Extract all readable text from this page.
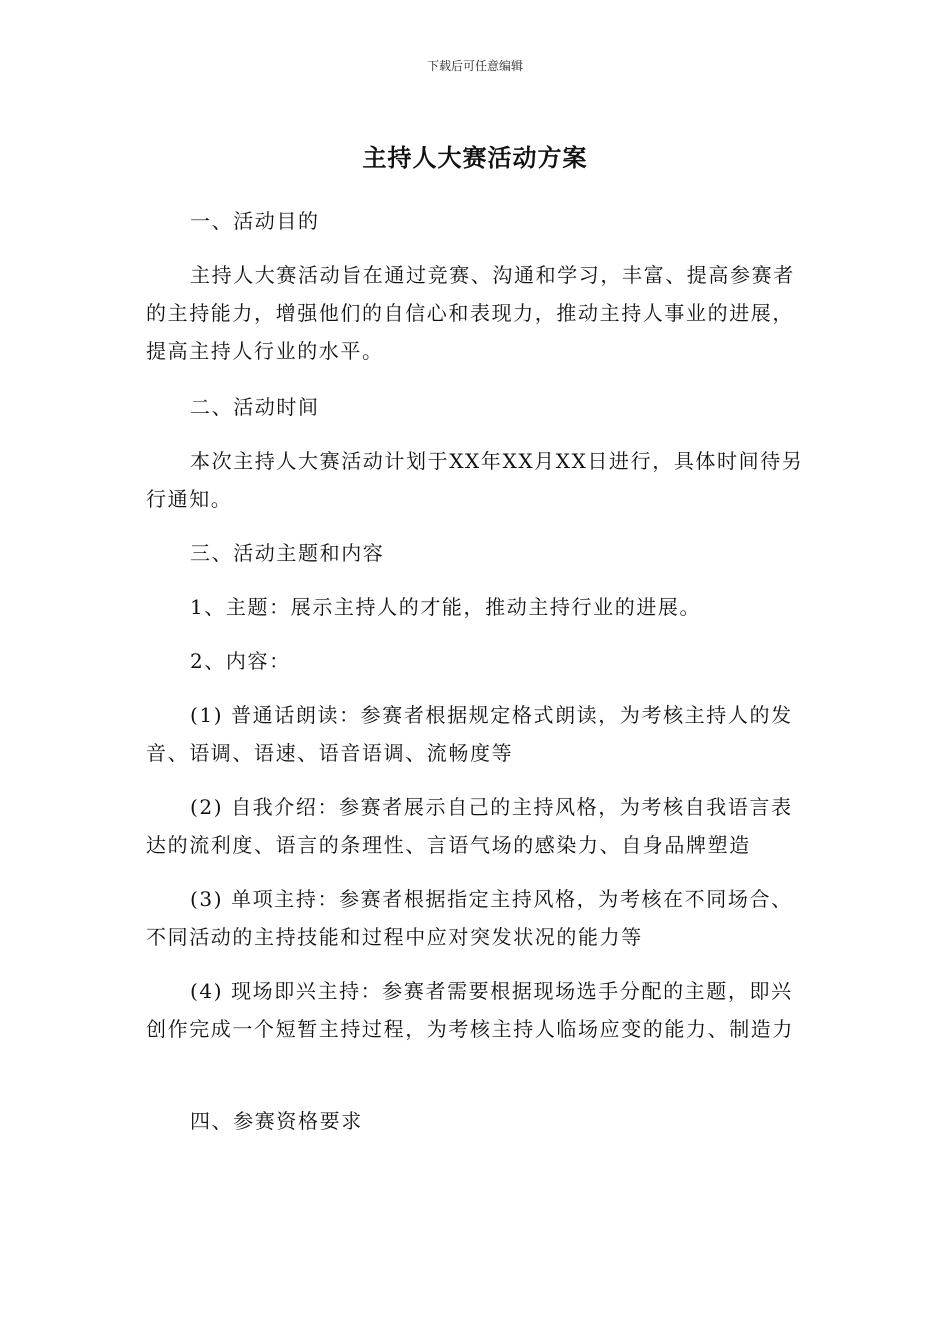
下载后可任意编辑
主持人大赛活动方案

一、活动目的

主持人大赛活动旨在通过竞赛、沟通和学习，丰富、提高参赛者的主持能力，增强他们的自信心和表现力，推动主持人事业的进展，提高主持人行业的水平。

二、活动时间

本次主持人大赛活动计划于XX年XX月XX日进行，具体时间待另行通知。

三、活动主题和内容

1、主题：展示主持人的才能，推动主持行业的进展。

2、内容：

(1) 普通话朗读：参赛者根据规定格式朗读，为考核主持人的发音、语调、语速、语音语调、流畅度等

(2) 自我介绍：参赛者展示自己的主持风格，为考核自我语言表达的流利度、语言的条理性、言语气场的感染力、自身品牌塑造

(3) 单项主持：参赛者根据指定主持风格，为考核在不同场合、不同活动的主持技能和过程中应对突发状况的能力等

(4) 现场即兴主持：参赛者需要根据现场选手分配的主题，即兴创作完成一个短暂主持过程，为考核主持人临场应变的能力、制造力

四、参赛资格要求
